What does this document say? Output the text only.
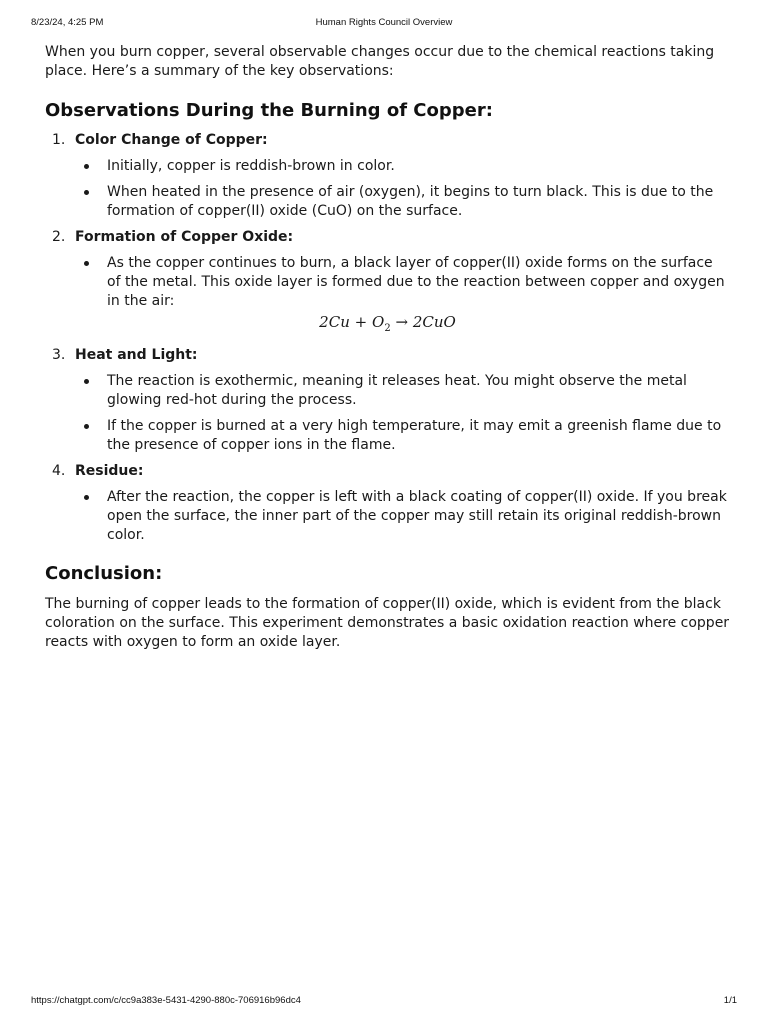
8/23/24, 4:25 PM	Human Rights Council Overview

When you burn copper, several observable changes occur due to the chemical reactions taking place. Here’s a summary of the key observations:

Observations During the Burning of Copper:
1. Color Change of Copper:
Initially, copper is reddish-brown in color.
When heated in the presence of air (oxygen), it begins to turn black. This is due to the formation of copper(II) oxide (CuO) on the surface.
2. Formation of Copper Oxide:
As the copper continues to burn, a black layer of copper(II) oxide forms on the surface of the metal. This oxide layer is formed due to the reaction between copper and oxygen in the air:
$2Cu + O_2 \to 2CuO$
3. Heat and Light:
The reaction is exothermic, meaning it releases heat. You might observe the metal glowing red-hot during the process.
If the copper is burned at a very high temperature, it may emit a greenish flame due to the presence of copper ions in the flame.
4. Residue:
After the reaction, the copper is left with a black coating of copper(II) oxide. If you break open the surface, the inner part of the copper may still retain its original reddish-brown color.
Conclusion:

The burning of copper leads to the formation of copper(II) oxide, which is evident from the black coloration on the surface. This experiment demonstrates a basic oxidation reaction where copper reacts with oxygen to form an oxide layer.

https://chatgpt.com/c/cc9a383e-5431-4290-880c-706916b96dc4	1/1
